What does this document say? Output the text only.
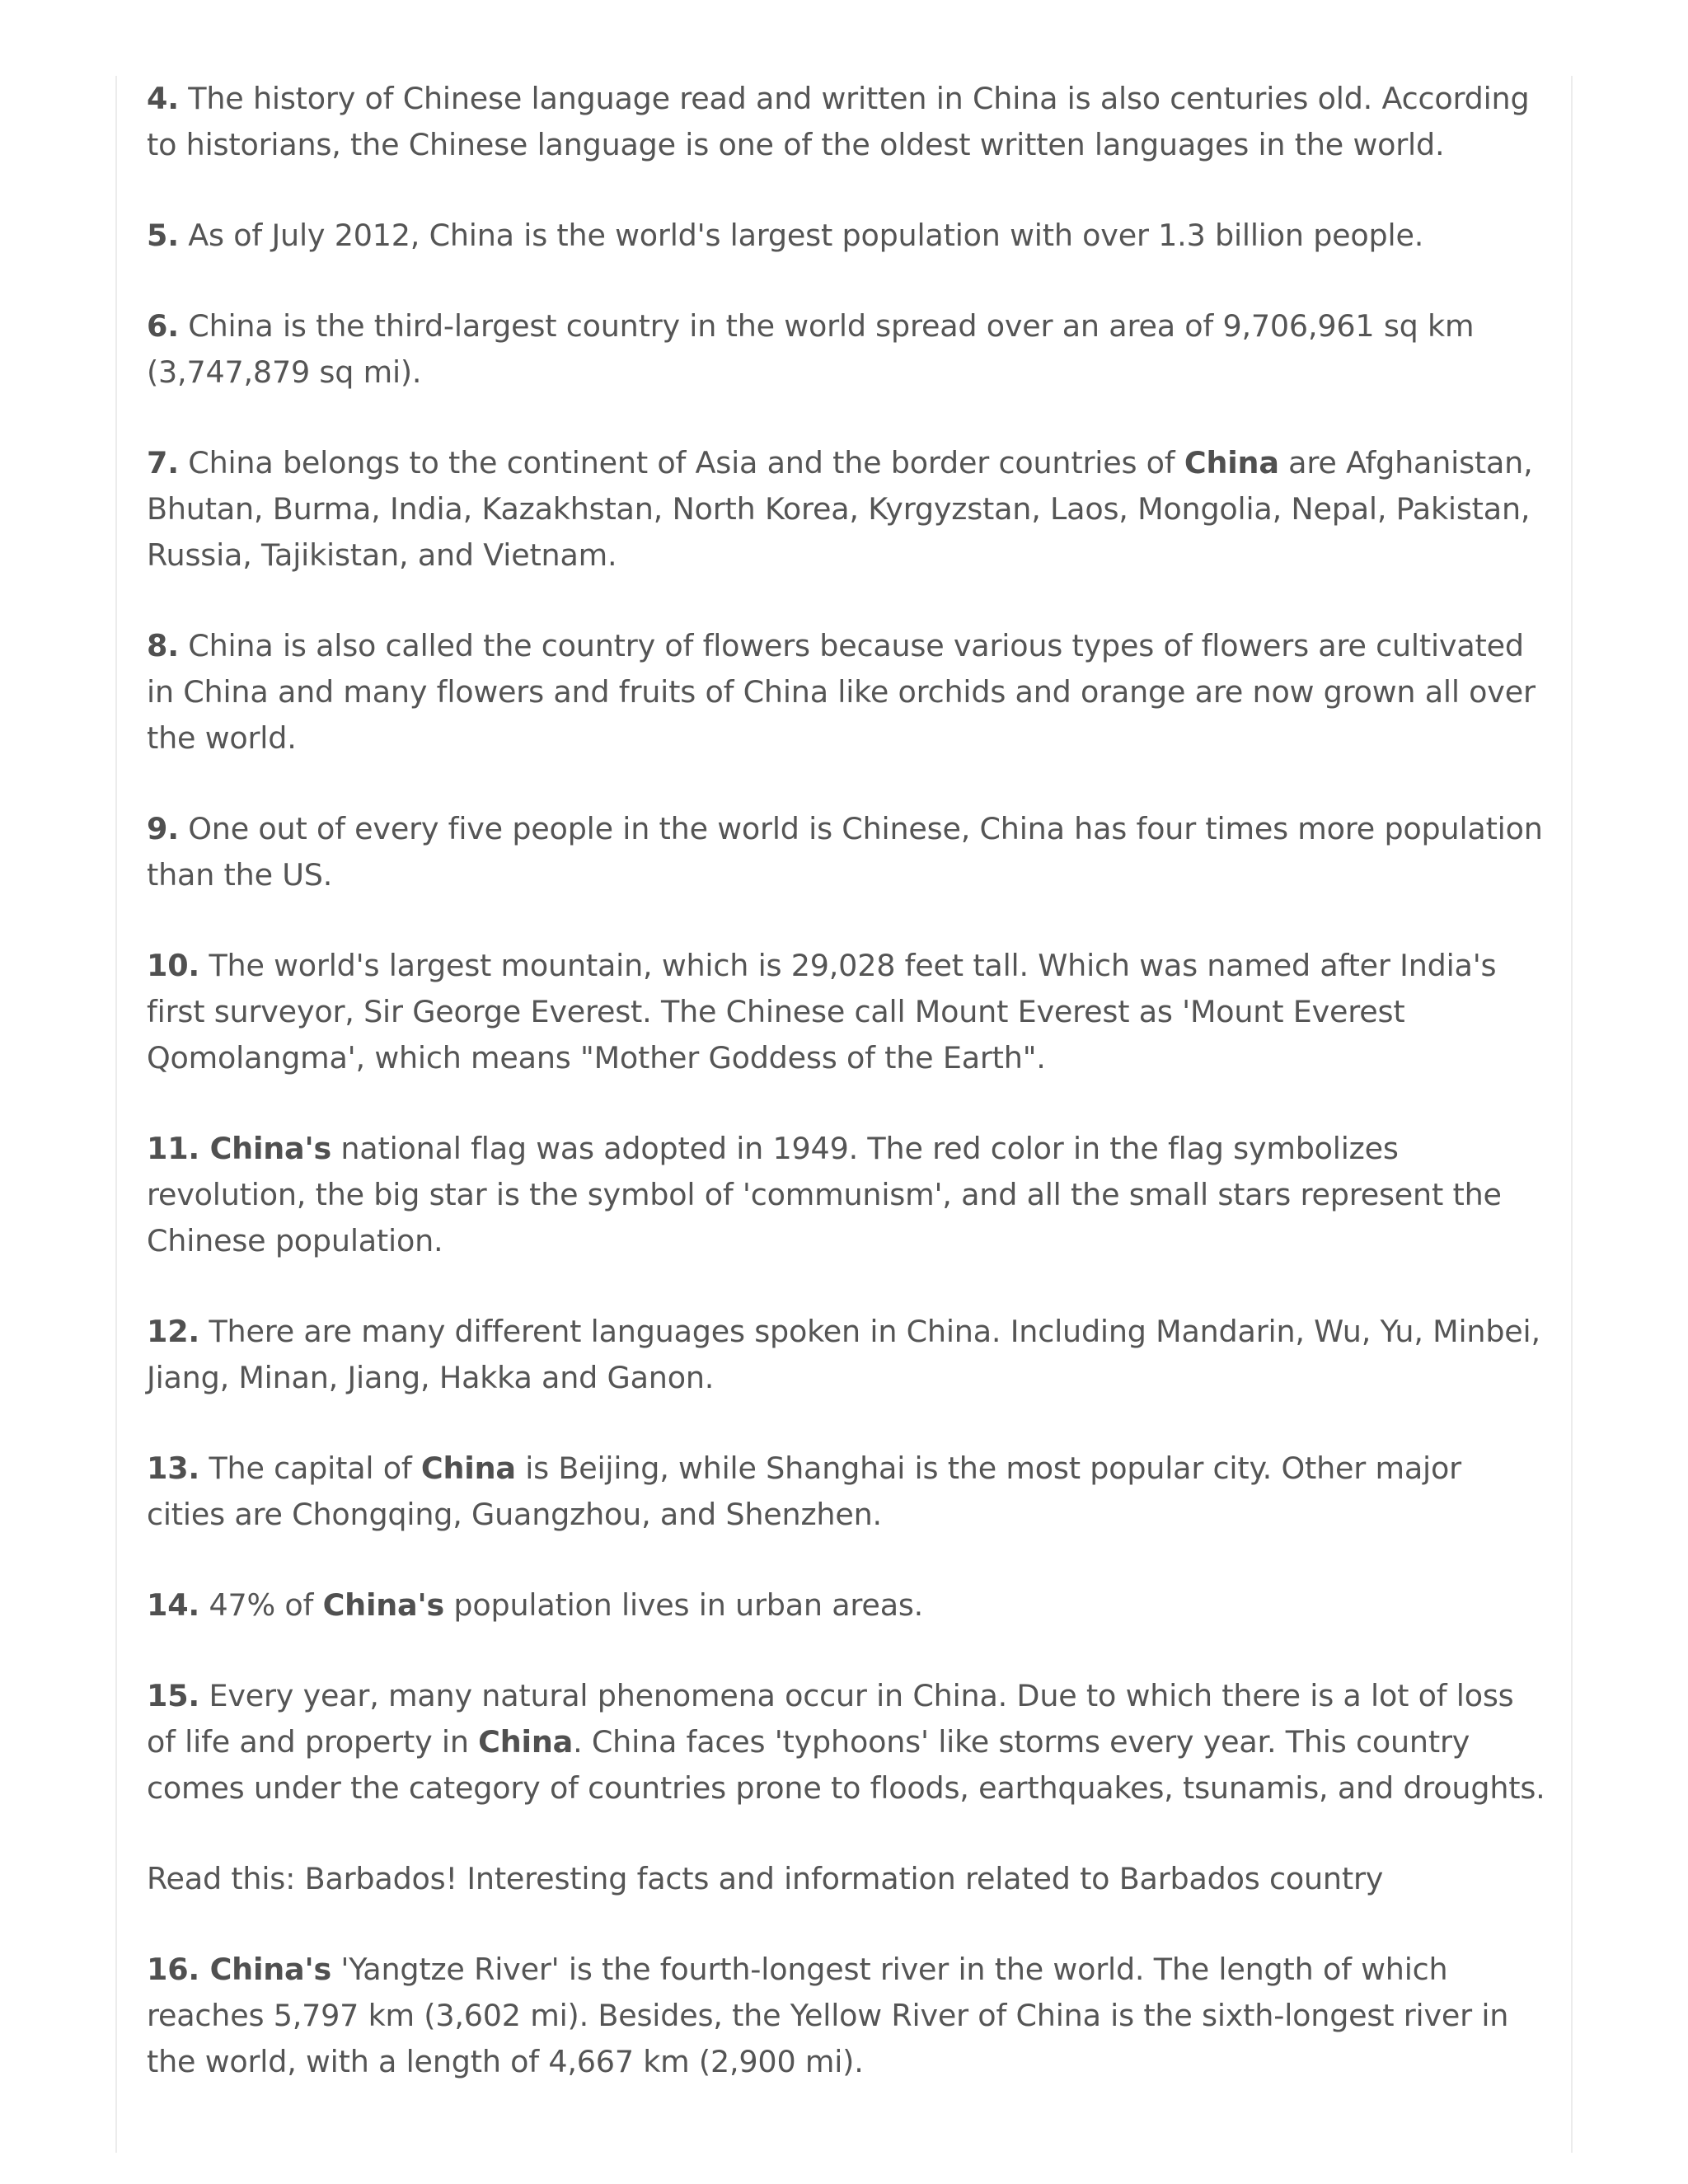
4. The history of Chinese language read and written in China is also centuries old. According to historians, the Chinese language is one of the oldest written languages in the world.

5. As of July 2012, China is the world's largest population with over 1.3 billion people.

6. China is the third-largest country in the world spread over an area of 9,706,961 sq km (3,747,879 sq mi).

7. China belongs to the continent of Asia and the border countries of China are Afghanistan, Bhutan, Burma, India, Kazakhstan, North Korea, Kyrgyzstan, Laos, Mongolia, Nepal, Pakistan, Russia, Tajikistan, and Vietnam.

8. China is also called the country of flowers because various types of flowers are cultivated in China and many flowers and fruits of China like orchids and orange are now grown all over the world.

9. One out of every five people in the world is Chinese, China has four times more population than the US.

10. The world's largest mountain, which is 29,028 feet tall. Which was named after India's first surveyor, Sir George Everest. The Chinese call Mount Everest as 'Mount Everest Qomolangma', which means "Mother Goddess of the Earth".

11. China's national flag was adopted in 1949. The red color in the flag symbolizes revolution, the big star is the symbol of 'communism', and all the small stars represent the Chinese population.

12. There are many different languages spoken in China. Including Mandarin, Wu, Yu, Minbei, Jiang, Minan, Jiang, Hakka and Ganon.

13. The capital of China is Beijing, while Shanghai is the most popular city. Other major cities are Chongqing, Guangzhou, and Shenzhen.

14. 47% of China's population lives in urban areas.

15. Every year, many natural phenomena occur in China. Due to which there is a lot of loss of life and property in China. China faces 'typhoons' like storms every year. This country comes under the category of countries prone to floods, earthquakes, tsunamis, and droughts.

Read this: Barbados! Interesting facts and information related to Barbados country

16. China's 'Yangtze River' is the fourth-longest river in the world. The length of which reaches 5,797 km (3,602 mi). Besides, the Yellow River of China is the sixth-longest river in the world, with a length of 4,667 km (2,900 mi).
